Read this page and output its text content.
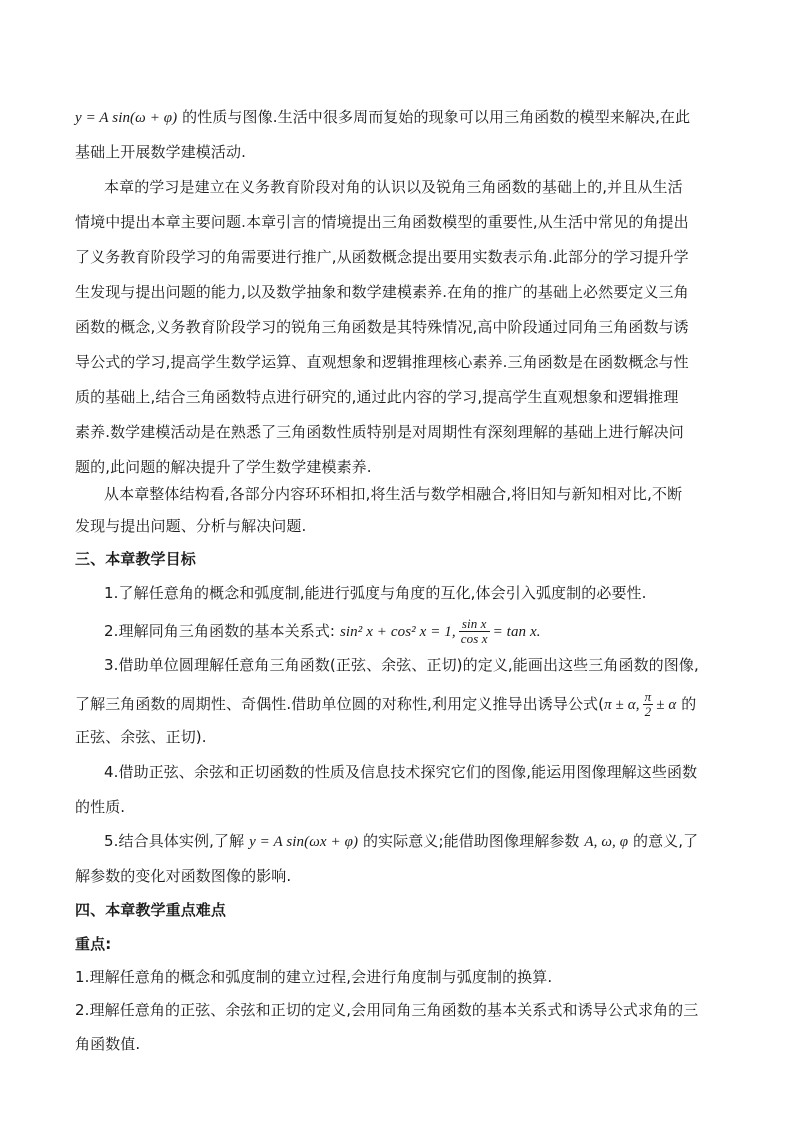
y = A sin(ω + φ) 的性质与图像.生活中很多周而复始的现象可以用三角函数的模型来解决,在此
基础上开展数学建模活动.
本章的学习是建立在义务教育阶段对角的认识以及锐角三角函数的基础上的,并且从生活
情境中提出本章主要问题.本章引言的情境提出三角函数模型的重要性,从生活中常见的角提出
了义务教育阶段学习的角需要进行推广,从函数概念提出要用实数表示角.此部分的学习提升学
生发现与提出问题的能力,以及数学抽象和数学建模素养.在角的推广的基础上必然要定义三角
函数的概念,义务教育阶段学习的锐角三角函数是其特殊情况,高中阶段通过同角三角函数与诱
导公式的学习,提高学生数学运算、直观想象和逻辑推理核心素养.三角函数是在函数概念与性
质的基础上,结合三角函数特点进行研究的,通过此内容的学习,提高学生直观想象和逻辑推理
素养.数学建模活动是在熟悉了三角函数性质特别是对周期性有深刻理解的基础上进行解决问
题的,此问题的解决提升了学生数学建模素养.
从本章整体结构看,各部分内容环环相扣,将生活与数学相融合,将旧知与新知相对比,不断
发现与提出问题、分析与解决问题.
三、本章教学目标
1.了解任意角的概念和弧度制,能进行弧度与角度的互化,体会引入弧度制的必要性.
2.理解同角三角函数的基本关系式: sin² x + cos² x = 1, $\frac{\text{sin x}}{\text{cos x}} = \tan x$.
3.借助单位圆理解任意角三角函数(正弦、余弦、正切)的定义,能画出这些三角函数的图像,
了解三角函数的周期性、奇偶性.借助单位圆的对称性,利用定义推导出诱导公式(π ± α, $\frac{\pi}{2} \pm \alpha$ 的
正弦、余弦、正切).
4.借助正弦、余弦和正切函数的性质及信息技术探究它们的图像,能运用图像理解这些函数
的性质.
5.结合具体实例,了解 y = A sin(ωx + φ) 的实际意义;能借助图像理解参数 A, ω, φ 的意义,了
解参数的变化对函数图像的影响.
四、本章教学重点难点
重点:
1.理解任意角的概念和弧度制的建立过程,会进行角度制与弧度制的换算.
2.理解任意角的正弦、余弦和正切的定义,会用同角三角函数的基本关系式和诱导公式求角的三
角函数值.
